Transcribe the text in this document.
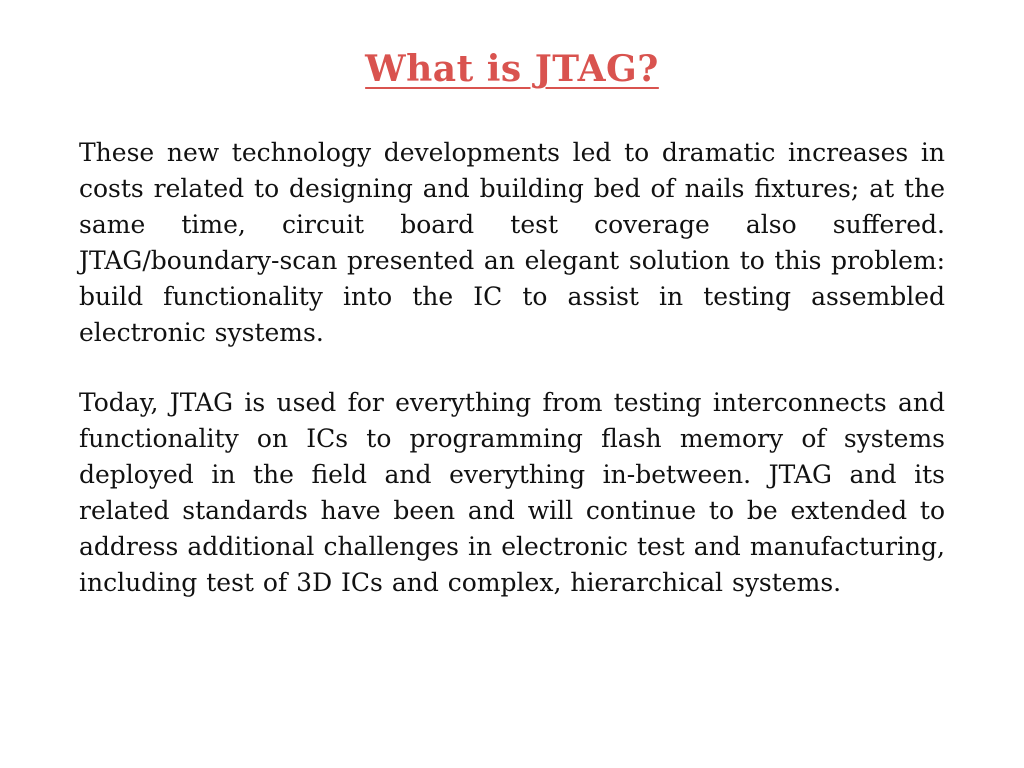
What is JTAG?

These new technology developments led to dramatic increases in costs related to designing and building bed of nails fixtures; at the same time, circuit board test coverage also suffered. JTAG/boundary-scan presented an elegant solution to this problem: build functionality into the IC to assist in testing assembled electronic systems.

Today, JTAG is used for everything from testing interconnects and functionality on ICs to programming flash memory of systems deployed in the field and everything in-between. JTAG and its related standards have been and will continue to be extended to address additional challenges in electronic test and manufacturing, including test of 3D ICs and complex, hierarchical systems.
